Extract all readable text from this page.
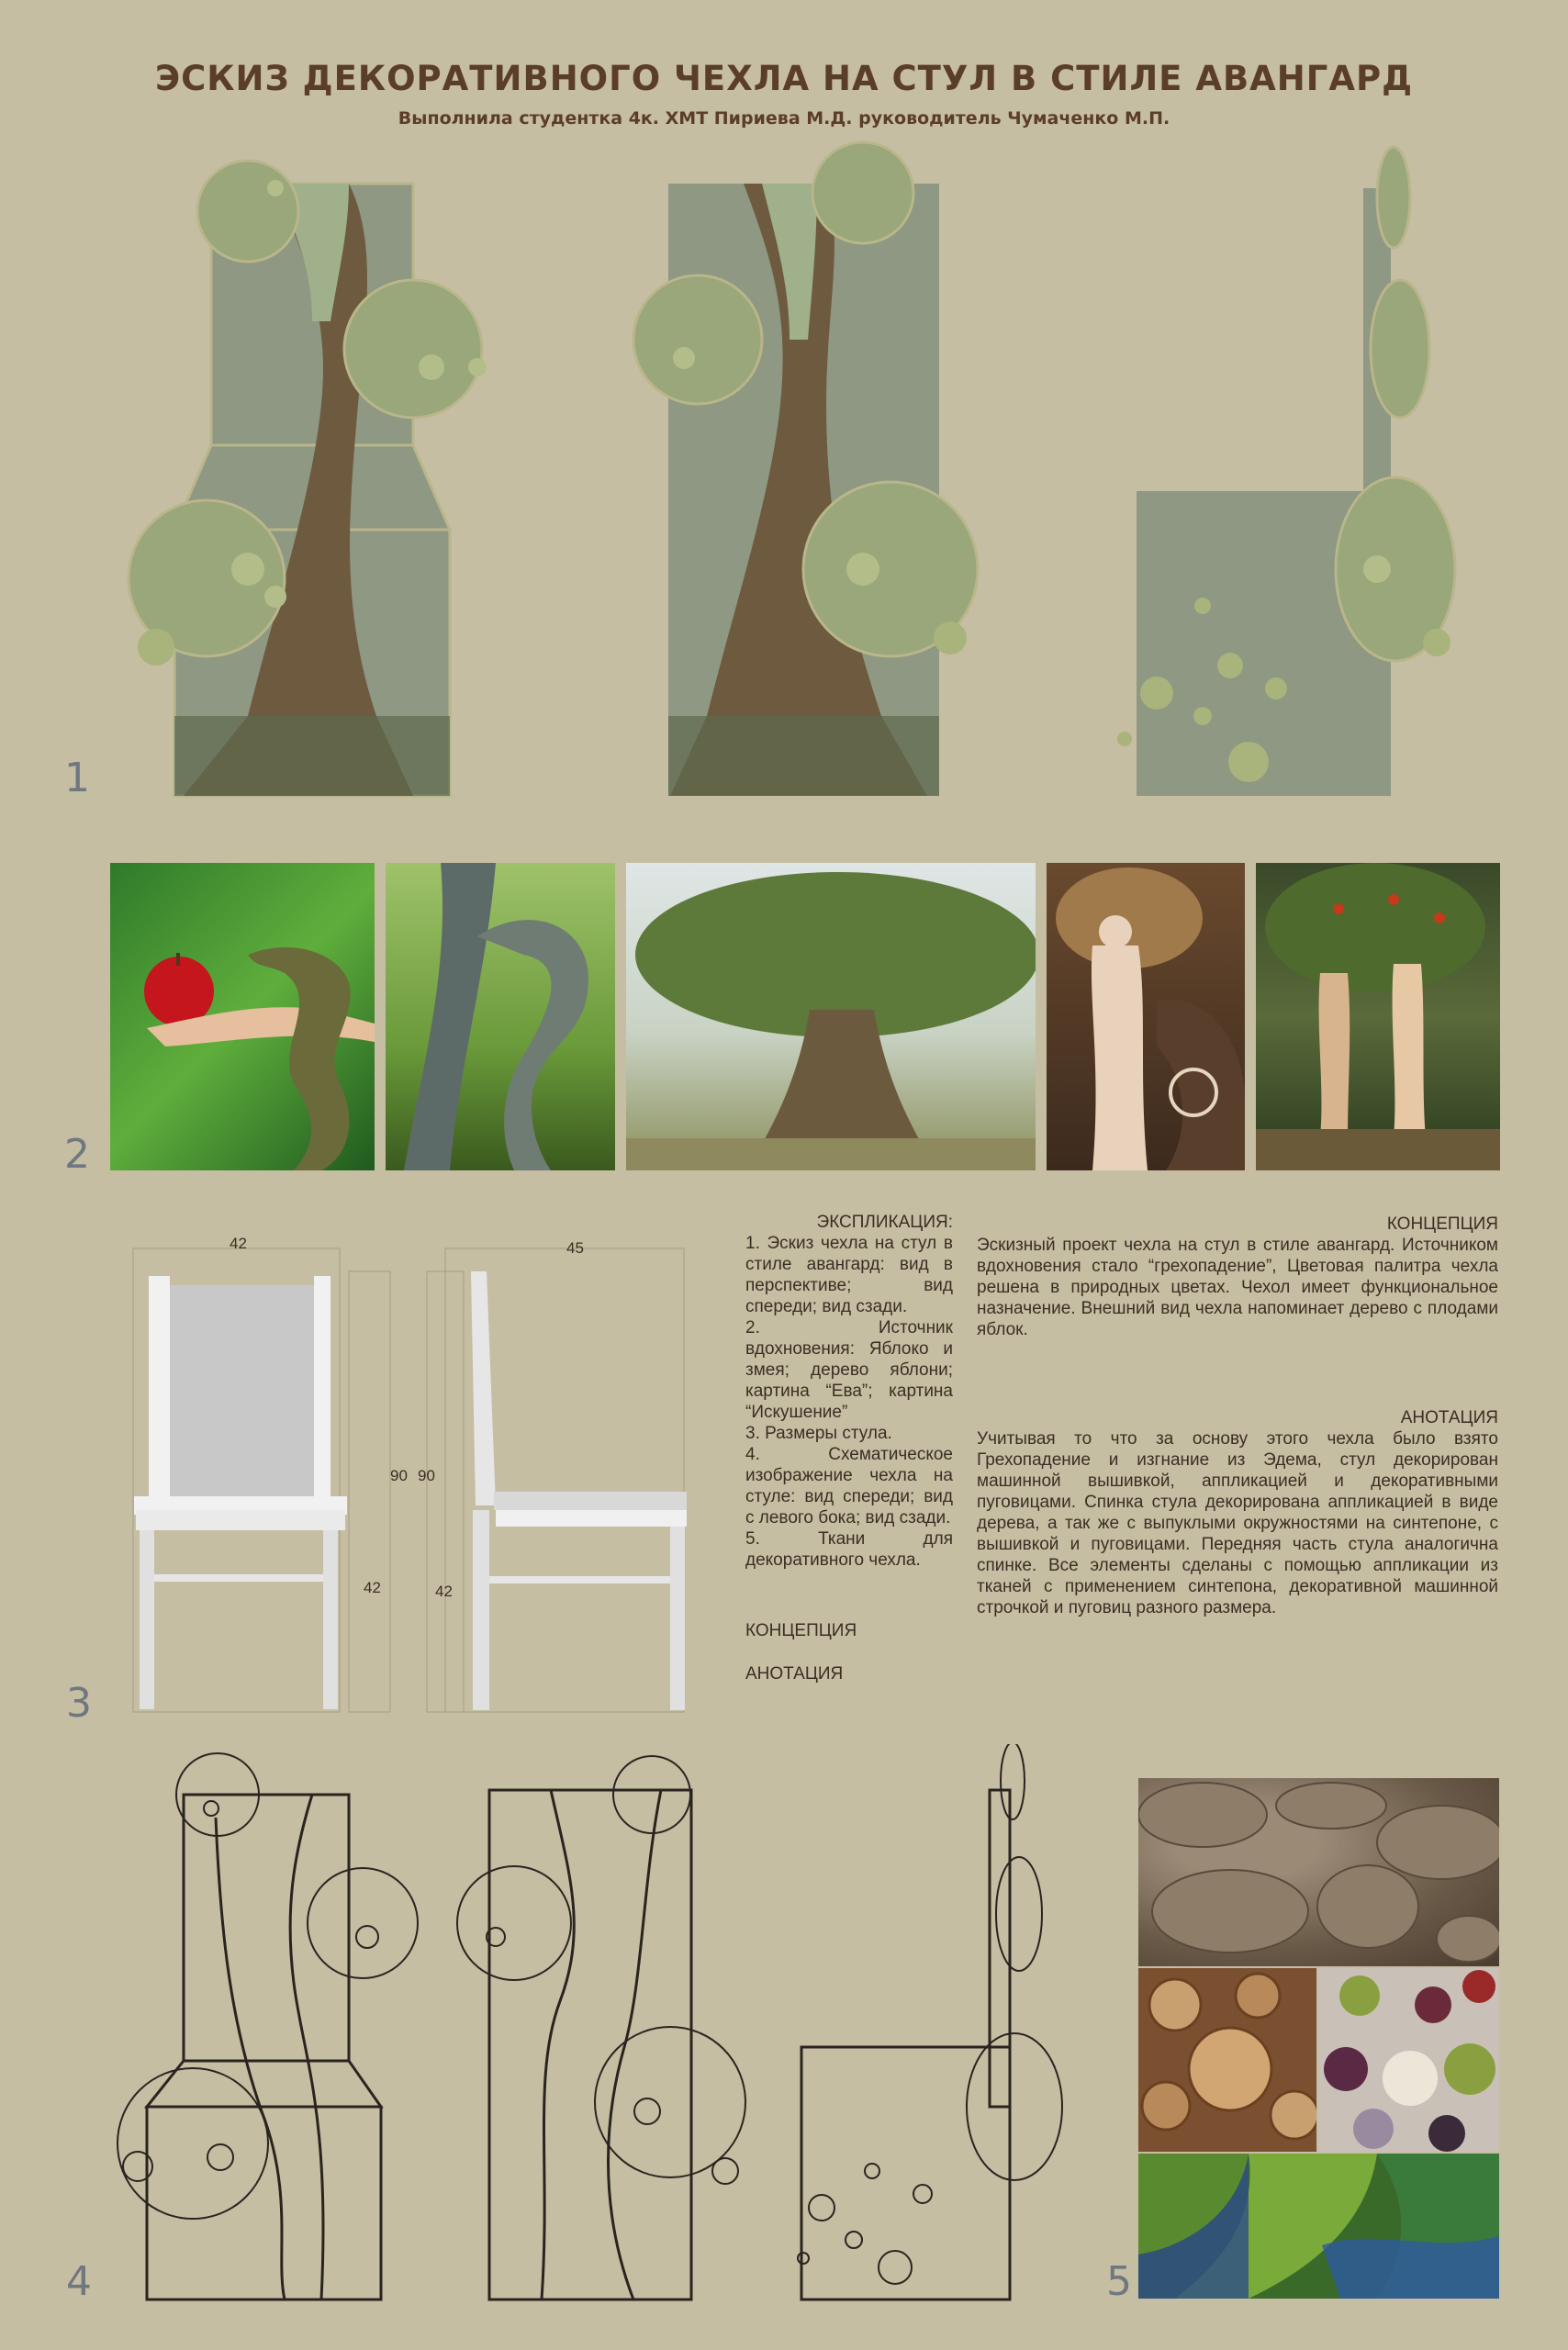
ЭСКИЗ ДЕКОРАТИВНОГО ЧЕХЛА НА СТУЛ В СТИЛЕ АВАНГАРД
Выполнила студентка 4к. ХМТ Пириева М.Д. руководитель Чумаченко М.П.
1
2
42	45
90 90
42	42
3

ЭКСПЛИКАЦИЯ:

1. Эскиз чехла на стул в стиле авангард: вид в перспективе; вид спереди; вид сзади.

2. Источник вдохновения: Яблоко и змея; дерево яблони; картина “Ева”; картина “Искушение”

3. Размеры стула.

4. Схематическое изображение чехла на стуле: вид спереди; вид с левого бока; вид сзади.

5. Ткани для декоративного чехла.

КОНЦЕПЦИЯ
АНОТАЦИЯ

КОНЦЕПЦИЯ

Эскизный проект чехла на стул в стиле авангард. Источником вдохновения стало “грехопадение”, Цветовая палитра чехла решена в природных цветах. Чехол имеет функциональное назначение. Внешний вид чехла напоминает дерево с плодами яблок.

АНОТАЦИЯ

Учитывая то что за основу этого чехла было взято Грехопадение и изгнание из Эдема, стул декорирован машинной вышивкой, аппликацией и декоративными пуговицами. Спинка стула декорирована аппликацией в виде дерева, а так же с выпуклыми окружностями на синтепоне, с вышивкой и пуговицами. Передняя часть стула аналогична спинке. Все элементы сделаны с помощью аппликации из тканей с применением синтепона, декоративной машинной строчкой и пуговиц разного размера.

4	5
